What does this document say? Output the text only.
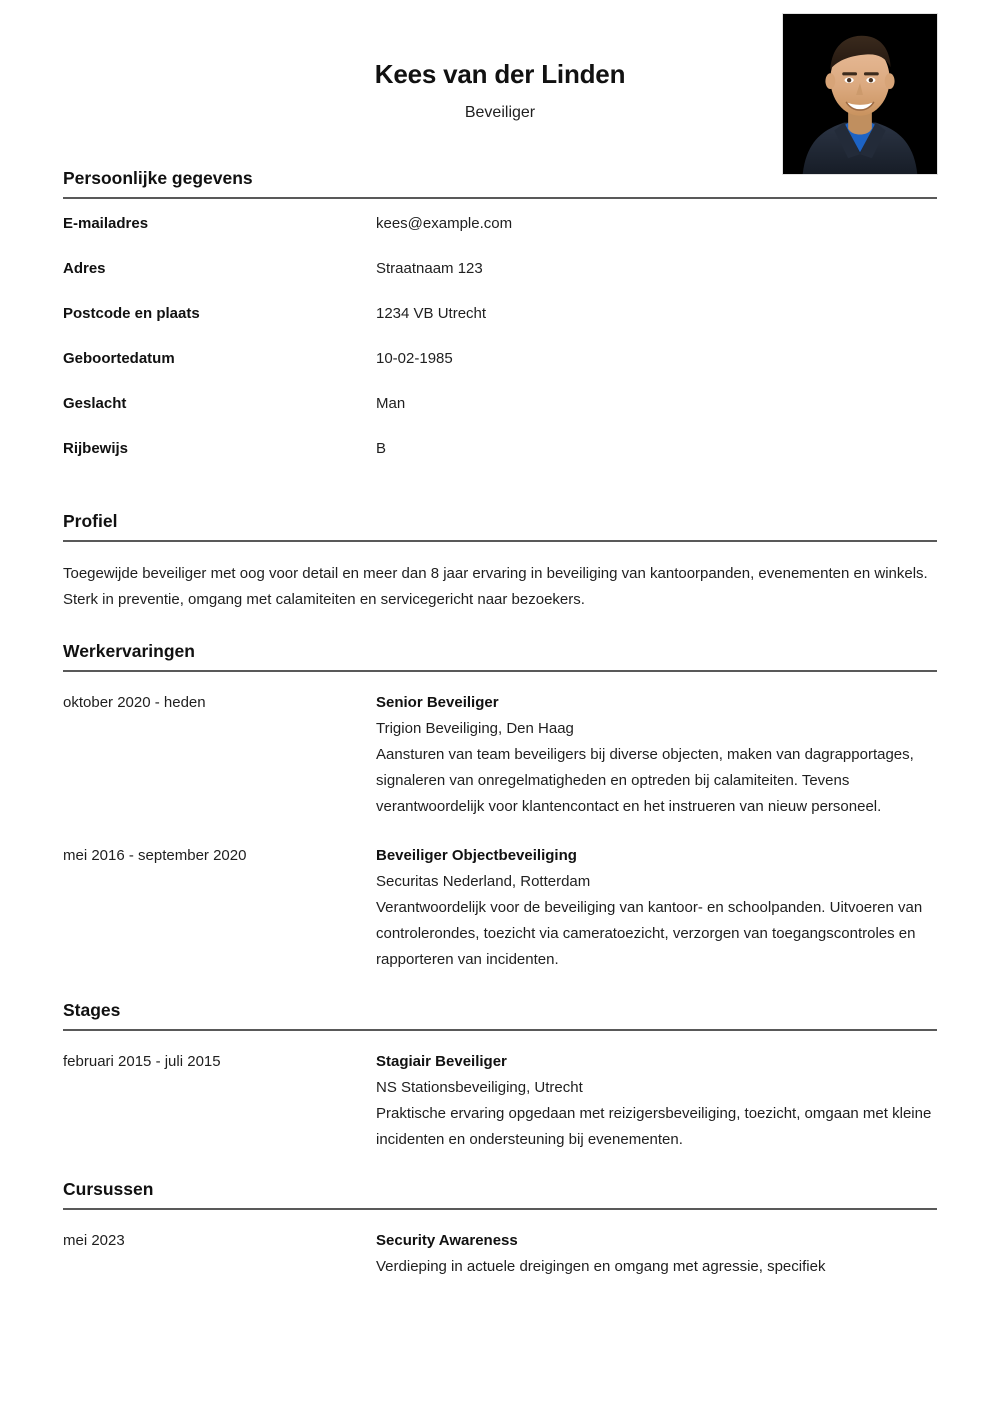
Kees van der Linden
Beveiliger
Persoonlijke gegevens
E-mailadres	kees@example.com
Adres	Straatnaam 123
Postcode en plaats	1234 VB Utrecht
Geboortedatum	10-02-1985
Geslacht	Man
Rijbewijs	B
Profiel

Toegewijde beveiliger met oog voor detail en meer dan 8 jaar ervaring in beveiliging van kantoorpanden, evenementen en winkels. Sterk in preventie, omgang met calamiteiten en servicegericht naar bezoekers.

Werkervaringen
oktober 2020 - heden	Senior Beveiliger
Trigion Beveiliging, Den Haag
Aansturen van team beveiligers bij diverse objecten, maken van dagrapportages, signaleren van onregelmatigheden en optreden bij calamiteiten. Tevens verantwoordelijk voor klantencontact en het instrueren van nieuw personeel.
mei 2016 - september 2020	Beveiliger Objectbeveiliging
Securitas Nederland, Rotterdam
Verantwoordelijk voor de beveiliging van kantoor- en schoolpanden. Uitvoeren van controlerondes, toezicht via cameratoezicht, verzorgen van toegangscontroles en rapporteren van incidenten.
Stages
februari 2015 - juli 2015	Stagiair Beveiliger
NS Stationsbeveiliging, Utrecht
Praktische ervaring opgedaan met reizigersbeveiliging, toezicht, omgaan met kleine incidenten en ondersteuning bij evenementen.
Cursussen
mei 2023	Security Awareness
Verdieping in actuele dreigingen en omgang met agressie, specifiek
